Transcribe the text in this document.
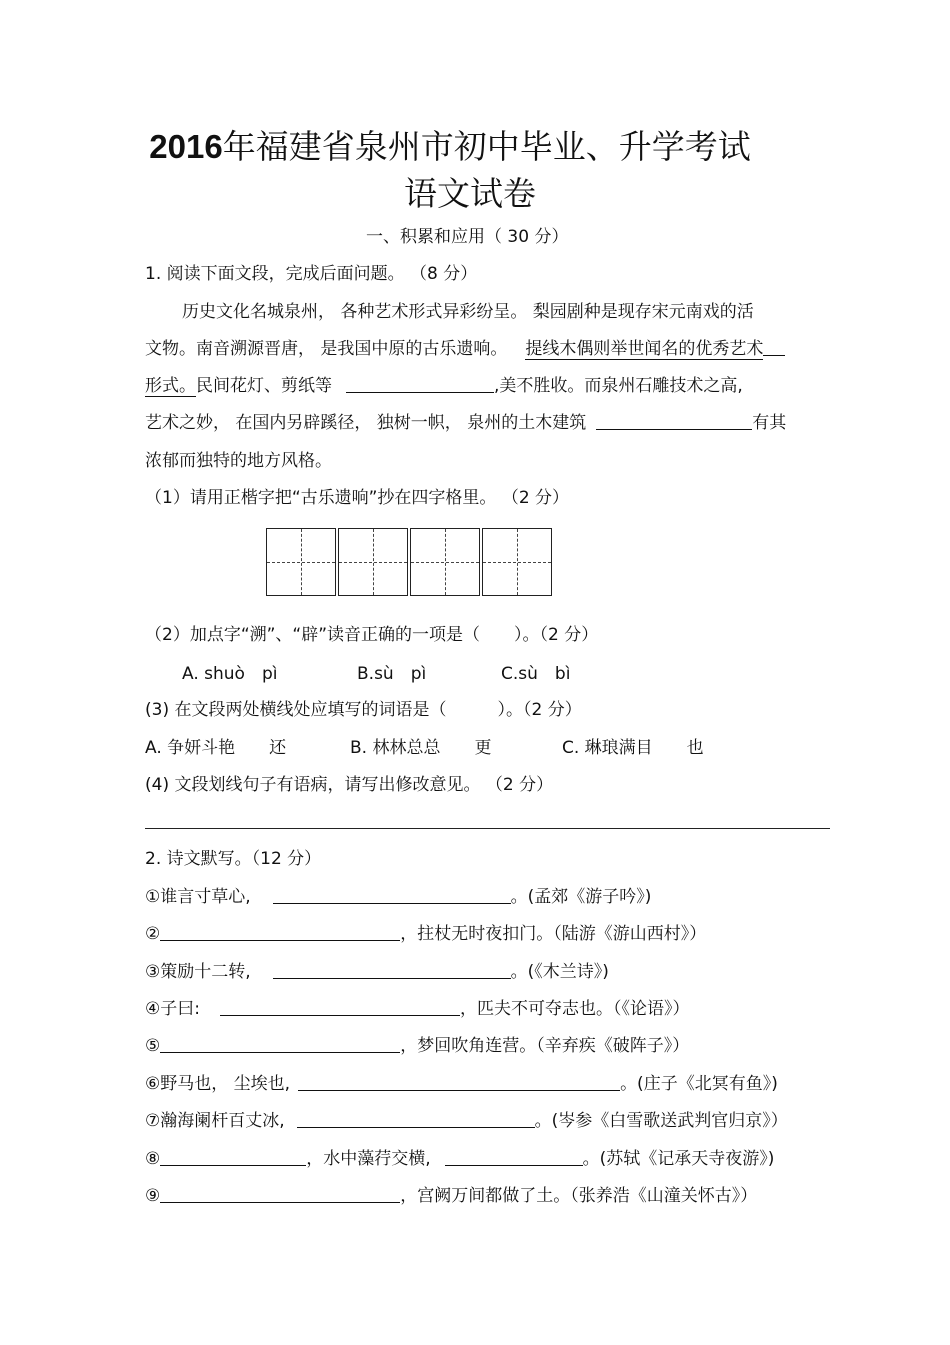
2016年福建省泉州市初中毕业、升学考试
语文试卷
一、积累和应用（ 30 分）
1. 阅读下面文段，完成后面问题。 （8 分）
历史文化名城泉州， 各种艺术形式异彩纷呈。 梨园剧种是现存宋元南戏的活
文物。南音溯源晋唐， 是我国中原的古乐遗响。 提线木偶则举世闻名的优秀艺术
形式。民间花灯、剪纸等	,美不胜收。而泉州石雕技术之高,
艺术之妙， 在国内另辟蹊径， 独树一帜， 泉州的土木建筑	有其
浓郁而独特的地方风格。
（1）请用正楷字把“古乐遗响”抄在四字格里。 （2 分）
（2）加点字“溯”、“辟”读音正确的一项是（　　）。（2 分）
A. shuò　pì	B.sù　pì	C.sù　bì
(3) 在文段两处横线处应填写的词语是（　　　）。（2 分）
A. 争妍斗艳　　还	B. 林林总总　　更	C. 琳琅满目　　也
(4) 文段划线句子有语病，请写出修改意见。 （2 分）
2. 诗文默写。（12 分）
①谁言寸草心,	。(孟郊《游子吟》)
②	，拄杖无时夜扣门。（陆游《游山西村》）
③策励十二转,	。(《木兰诗》)
④子曰:	，匹夫不可夺志也。（《论语》）
⑤	，梦回吹角连营。（辛弃疾《破阵子》）
⑥野马也， 尘埃也,	。(庄子《北冥有鱼》)
⑦瀚海阑杆百丈冰,	。(岑参《白雪歌送武判官归京》）
⑧	，水中藻荇交横,	。(苏轼《记承天寺夜游》)
⑨	，宫阙万间都做了土。（张养浩《山潼关怀古》）
